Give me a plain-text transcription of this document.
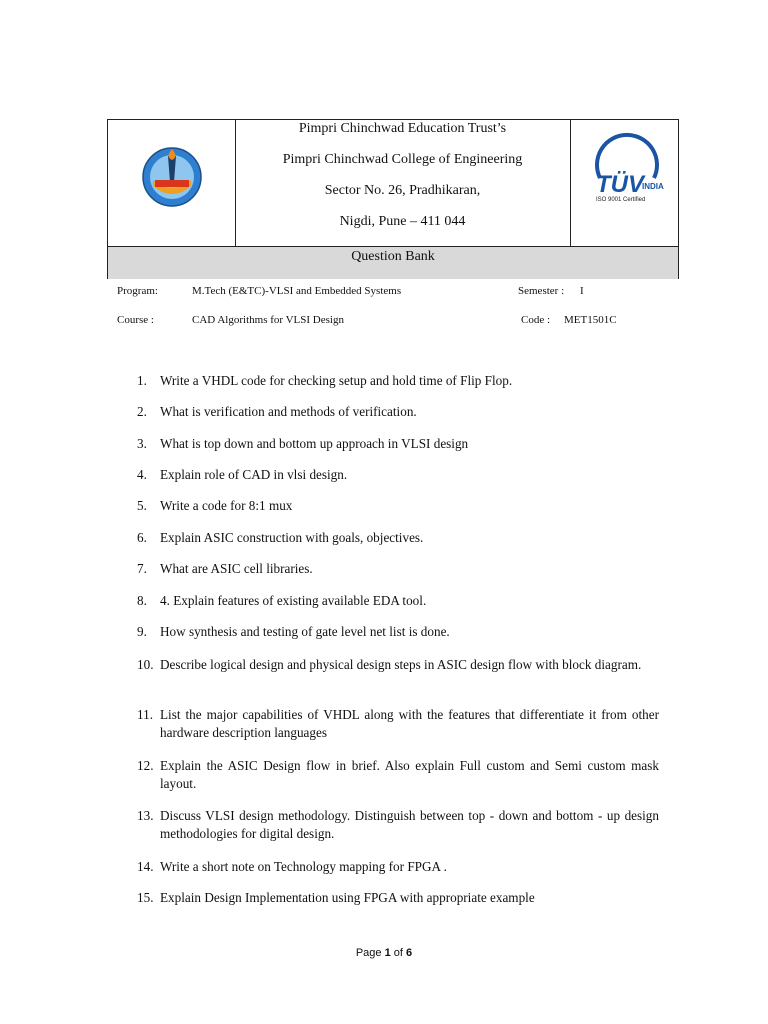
Pimpri Chinchwad Education Trust’s
Pimpri Chinchwad College of Engineering
Sector No. 26, Pradhikaran,
Nigdi, Pune – 411 044
TÜV
INDIA
ISO 9001 Certified
Question Bank
Program:	M.Tech (E&TC)-VLSI and Embedded Systems	Semester : I
Course :	CAD Algorithms for VLSI Design	Code : MET1501C
1. Write a VHDL code for checking setup and hold time of Flip Flop.
2. What is verification and methods of verification.
3. What is top down and bottom up approach in VLSI design
4. Explain role of CAD in vlsi design.
5. Write a code for 8:1 mux
6. Explain ASIC construction with goals, objectives.
7. What are ASIC cell libraries.
8. 4. Explain features of existing available EDA tool.
9. How synthesis and testing of gate level net list is done.
10. Describe logical design and physical design steps in ASIC design flow with block diagram.
11. List the major capabilities of VHDL along with the features that differentiate it from other hardware description languages
12. Explain the ASIC Design flow in brief. Also explain Full custom and Semi custom mask layout.
13. Discuss VLSI design methodology. Distinguish between top - down and bottom - up design methodologies for digital design.
14. Write a short note on Technology mapping for FPGA .
15. Explain Design Implementation using FPGA with appropriate example
Page 1 of 6
